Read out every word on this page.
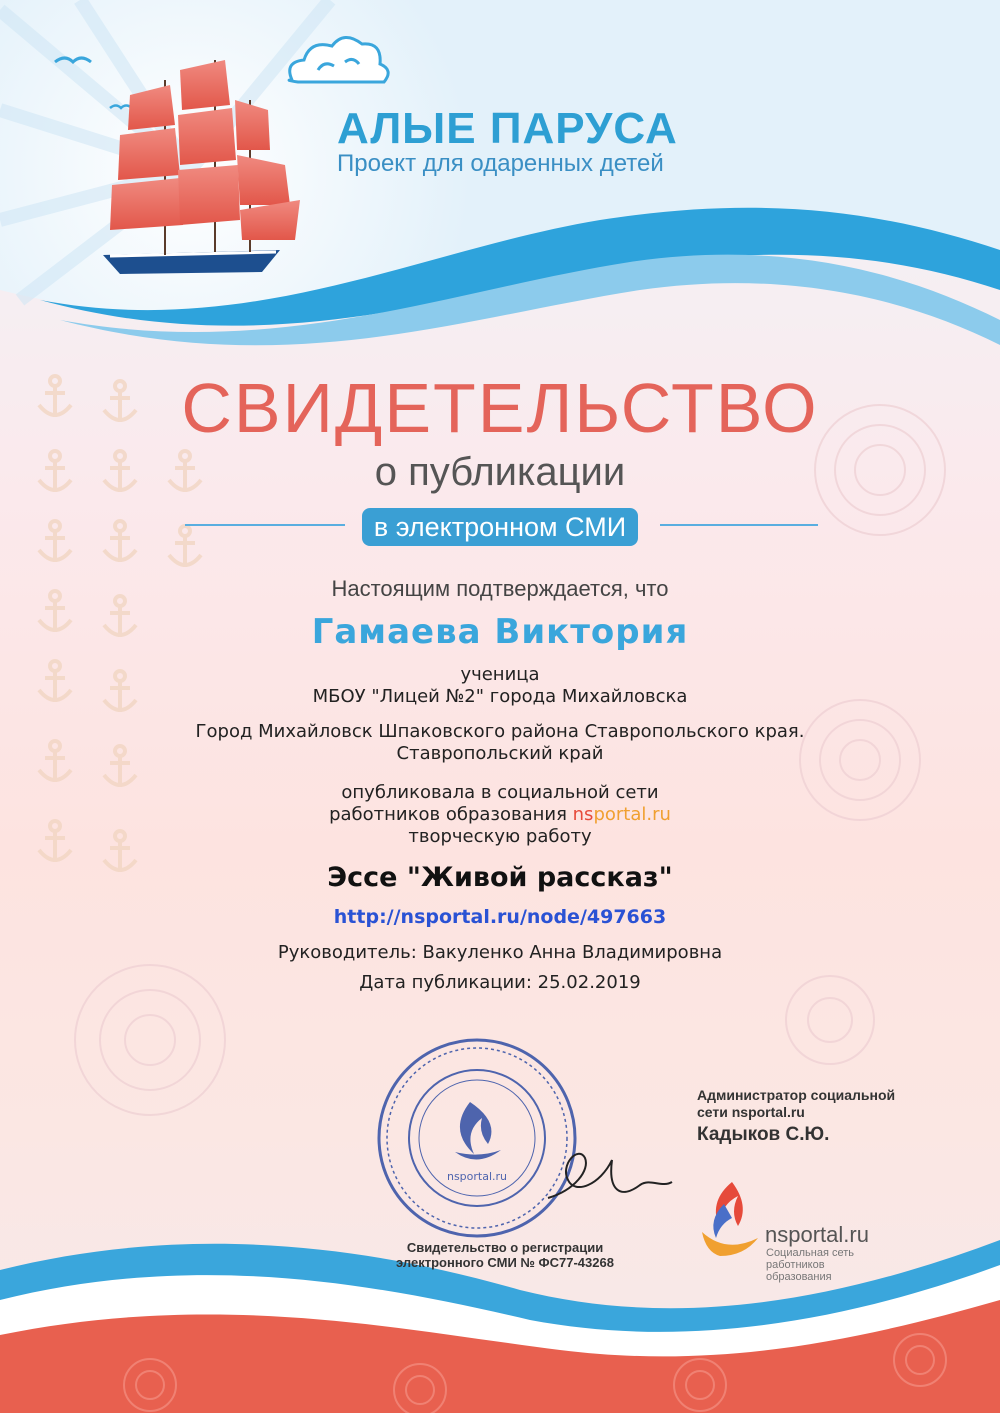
nsportal.ru
АЛЫЕ ПАРУСА
Проект для одаренных детей
СВИДЕТЕЛЬСТВО
о публикации
в электронном СМИ
Настоящим подтверждается, что
Гамаева Виктория
ученица
МБОУ "Лицей №2" города Михайловска
Город Михайловск Шпаковского района Ставропольского края.
Ставропольский край
опубликовала в социальной сети
работников образования nsportal.ru
творческую работу
Эссе "Живой рассказ"
http://nsportal.ru/node/497663
Руководитель: Вакуленко Анна Владимировна
Дата публикации: 25.02.2019
Свидетельство о регистрации
электронного СМИ № ФС77-43268
Администратор социальной
сети nsportal.ru
Кадыков С.Ю.
nsportal.ru
Социальная сеть работников
образования
